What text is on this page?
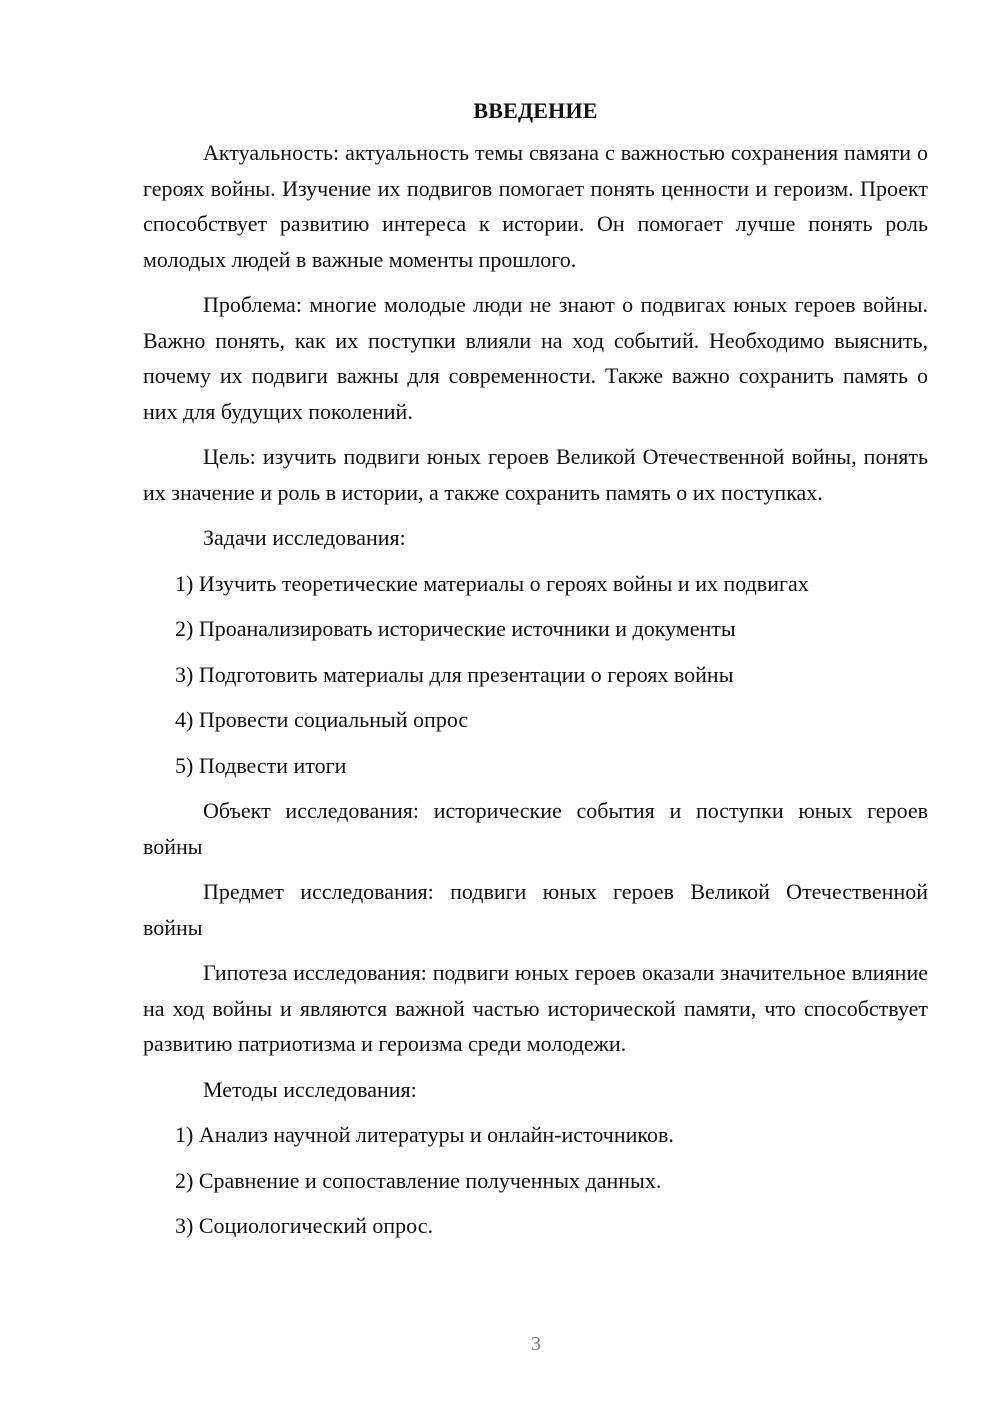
ВВЕДЕНИЕ

Актуальность: актуальность темы связана с важностью сохранения памяти о героях войны. Изучение их подвигов помогает понять ценности и героизм. Проект способствует развитию интереса к истории. Он помогает лучше понять роль молодых людей в важные моменты прошлого.

Проблема: многие молодые люди не знают о подвигах юных героев войны. Важно понять, как их поступки влияли на ход событий. Необходимо выяснить, почему их подвиги важны для современности. Также важно сохранить память о них для будущих поколений.

Цель: изучить подвиги юных героев Великой Отечественной войны, понять их значение и роль в истории, а также сохранить память о их поступках.

Задачи исследования:

1) Изучить теоретические материалы о героях войны и их подвигах
2) Проанализировать исторические источники и документы
3) Подготовить материалы для презентации о героях войны
4) Провести социальный опрос
5) Подвести итоги

Объект исследования: исторические события и поступки юных героев войны

Предмет исследования: подвиги юных героев Великой Отечественной войны

Гипотеза исследования: подвиги юных героев оказали значительное влияние на ход войны и являются важной частью исторической памяти, что способствует развитию патриотизма и героизма среди молодежи.

Методы исследования:

1) Анализ научной литературы и онлайн-источников.
2) Сравнение и сопоставление полученных данных.
3) Социологический опрос.
3
